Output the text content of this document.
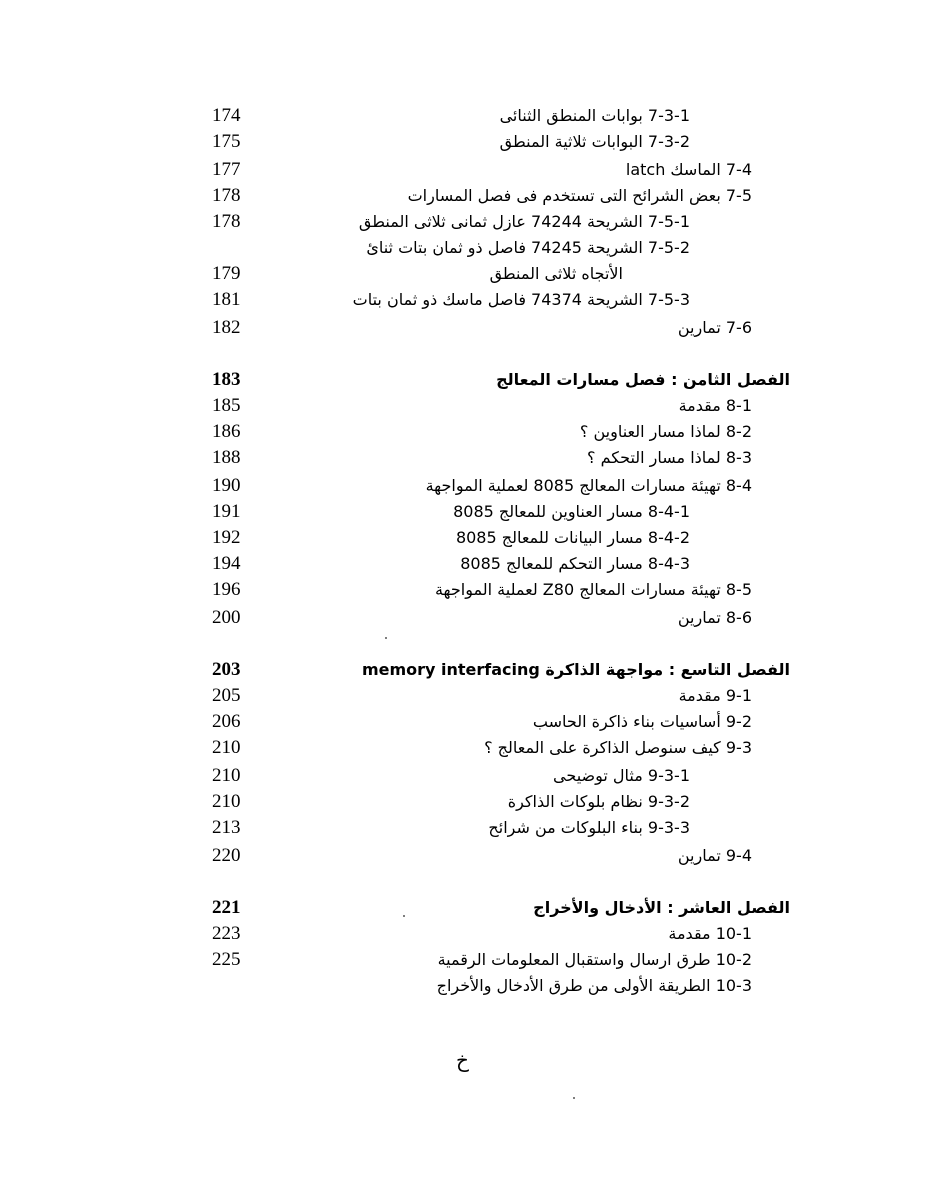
174	7-3-1 بوابات المنطق الثنائى
175	7-3-2 البوابات ثلاثية المنطق
177	7-4 الماسك latch
178	7-5 بعض الشرائح التى تستخدم فى فصل المسارات
178	7-5-1 الشريحة 74244 عازل ثمانى ثلاثى المنطق
7-5-2 الشريحة 74245 فاصل ذو ثمان بتات ثنائ
179	الأتجاه ثلاثى المنطق
181	7-5-3 الشريحة 74374 فاصل ماسك ذو ثمان بتات
182	7-6 تمارين
183	الفصل الثامن : فصل مسارات المعالج
185	8-1 مقدمة
186	8-2 لماذا مسار العناوين ؟
188	8-3 لماذا مسار التحكم ؟
190	8-4 تهيئة مسارات المعالج 8085 لعملية المواجهة
191	8-4-1 مسار العناوين للمعالج 8085
192	8-4-2 مسار البيانات للمعالج 8085
194	8-4-3 مسار التحكم للمعالج 8085
196	8-5 تهيئة مسارات المعالج Z80 لعملية المواجهة
200	8-6 تمارين
203	الفصل التاسع : مواجهة الذاكرة memory interfacing
205	9-1 مقدمة
206	9-2 أساسيات بناء ذاكرة الحاسب
210	9-3 كيف سنوصل الذاكرة على المعالج ؟
210	9-3-1 مثال توضيحى
210	9-3-2 نظام بلوكات الذاكرة
213	9-3-3 بناء البلوكات من شرائح
220	9-4 تمارين
221	الفصل العاشر : الأدخال والأخراج
223	10-1 مقدمة
225	10-2 طرق ارسال واستقبال المعلومات الرقمية
10-3 الطريقة الأولى من طرق الأدخال والأخراج
خ
